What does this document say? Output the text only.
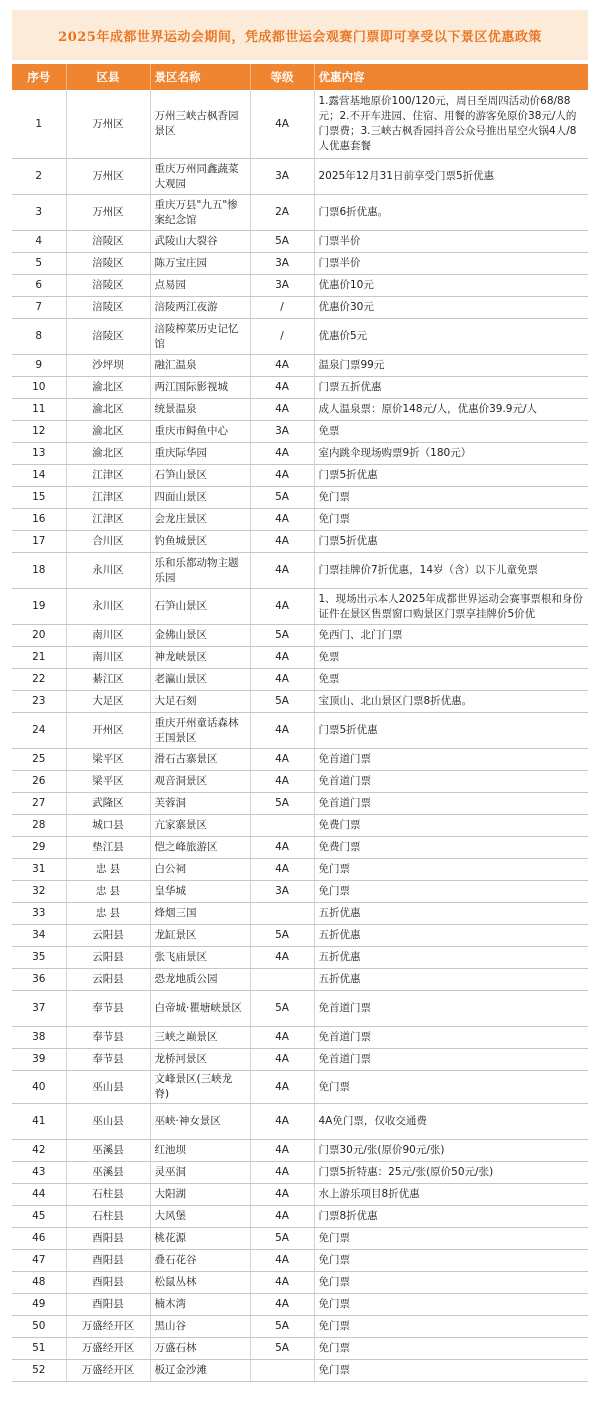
2025年成都世界运动会期间，凭成都世运会观赛门票即可享受以下景区优惠政策
序号	区县	景区名称	等级	优惠内容
1	万州区	万州三峡古枫香园景区	4A	1.露营基地原价100/120元，周日至周四活动价68/88元；2.不开车进园、住宿、用餐的游客免原价38元/人的门票费；3.三峡古枫香园抖音公众号推出星空火锅4人/8人优惠套餐
2	万州区	重庆万州同鑫蔬菜大观园	3A	2025年12月31日前享受门票5折优惠
3	万州区	重庆万县"九五"惨案纪念馆	2A	门票6折优惠。
4	涪陵区	武陵山大裂谷	5A	门票半价
5	涪陵区	陈万宝庄园	3A	门票半价
6	涪陵区	点易园	3A	优惠价10元
7	涪陵区	涪陵两江夜游	/	优惠价30元
8	涪陵区	涪陵榨菜历史记忆馆	/	优惠价5元
9	沙坪坝	融汇温泉	4A	温泉门票99元
10	渝北区	两江国际影视城	4A	门票五折优惠
11	渝北区	统景温泉	4A	成人温泉票：原价148元/人，优惠价39.9元/人
12	渝北区	重庆市鲟鱼中心	3A	免票
13	渝北区	重庆际华园	4A	室内跳伞现场购票9折（180元）
14	江津区	石笋山景区	4A	门票5折优惠
15	江津区	四面山景区	5A	免门票
16	江津区	会龙庄景区	4A	免门票
17	合川区	钓鱼城景区	4A	门票5折优惠
18	永川区	乐和乐都动物主题乐园	4A	门票挂牌价7折优惠，14岁（含）以下儿童免票
19	永川区	石笋山景区	4A	1、现场出示本人2025年成都世界运动会赛事票根和身份证件在景区售票窗口购景区门票享挂牌价5价优
20	南川区	金佛山景区	5A	免西门、北门门票
21	南川区	神龙峡景区	4A	免票
22	綦江区	老瀛山景区	4A	免票
23	大足区	大足石刻	5A	宝顶山、北山景区门票8折优惠。
24	开州区	重庆开州童话森林王国景区	4A	门票5折优惠
25	梁平区	滑石古寨景区	4A	免首道门票
26	梁平区	观音洞景区	4A	免首道门票
27	武隆区	芙蓉洞	5A	免首道门票
28	城口县	亢家寨景区		免费门票
29	垫江县	恺之峰旅游区	4A	免费门票
31	忠 县	白公祠	4A	免门票
32	忠 县	皇华城	3A	免门票
33	忠 县	烽烟三国		五折优惠
34	云阳县	龙缸景区	5A	五折优惠
35	云阳县	张飞庙景区	4A	五折优惠
36	云阳县	恐龙地质公园		五折优惠
37	奉节县	白帝城·瞿塘峡景区	5A	免首道门票
38	奉节县	三峡之巅景区	4A	免首道门票
39	奉节县	龙桥河景区	4A	免首道门票
40	巫山县	文峰景区(三峡龙脊)	4A	免门票
41	巫山县	巫峡·神女景区	4A	4A免门票，仅收交通费
42	巫溪县	红池坝	4A	门票30元/张(原价90元/张)
43	巫溪县	灵巫洞	4A	门票5折特惠：25元/张(原价50元/张)
44	石柱县	大阳湖	4A	水上游乐项目8折优惠
45	石柱县	大风堡	4A	门票8折优惠
46	酉阳县	桃花源	5A	免门票
47	酉阳县	叠石花谷	4A	免门票
48	酉阳县	松鼠丛林	4A	免门票
49	酉阳县	楠木湾	4A	免门票
50	万盛经开区	黑山谷	5A	免门票
51	万盛经开区	万盛石林	5A	免门票
52	万盛经开区	板辽金沙滩		免门票
